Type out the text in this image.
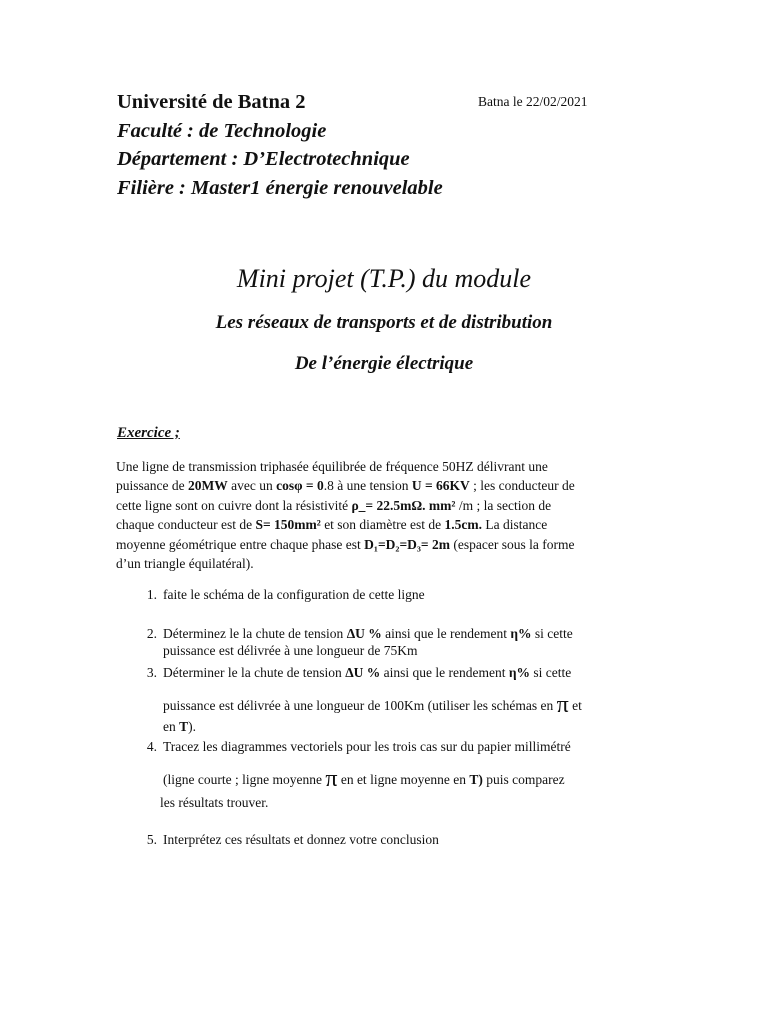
Université de Batna 2
Faculté : de Technologie
Département : D’Electrotechnique
Filière : Master1 énergie renouvelable
Batna le 22/02/2021
Mini projet (T.P.) du module
Les réseaux de transports et de distribution
De l’énergie électrique
Exercice ;
Une ligne de transmission triphasée équilibrée de fréquence 50HZ délivrant une
puissance de 20MW avec un cosφ = 0.8 à une tension U = 66KV ; les conducteur de
cette ligne sont on cuivre dont la résistivité ρ_= 22.5mΩ. mm² /m ; la section de
chaque conducteur est de S= 150mm² et son diamètre est de 1.5cm. La distance
moyenne géométrique entre chaque phase est D₁=D₂=D₃= 2m (espacer sous la forme
d’un triangle équilatéral).
1. faite le schéma de la configuration de cette ligne
2. Déterminez le la chute de tension ΔU % ainsi que le rendement η% si cette
puissance est délivrée à une longueur de 75Km
3. Déterminer le la chute de tension ΔU % ainsi que le rendement η% si cette
puissance est délivrée à une longueur de 100Km (utiliser les schémas en π et
en T).
4. Tracez les diagrammes vectoriels pour les trois cas sur du papier millimétré
(ligne courte ; ligne moyenne π en et ligne moyenne en T) puis comparez
les résultats trouver.
5. Interprétez ces résultats et donnez votre conclusion
